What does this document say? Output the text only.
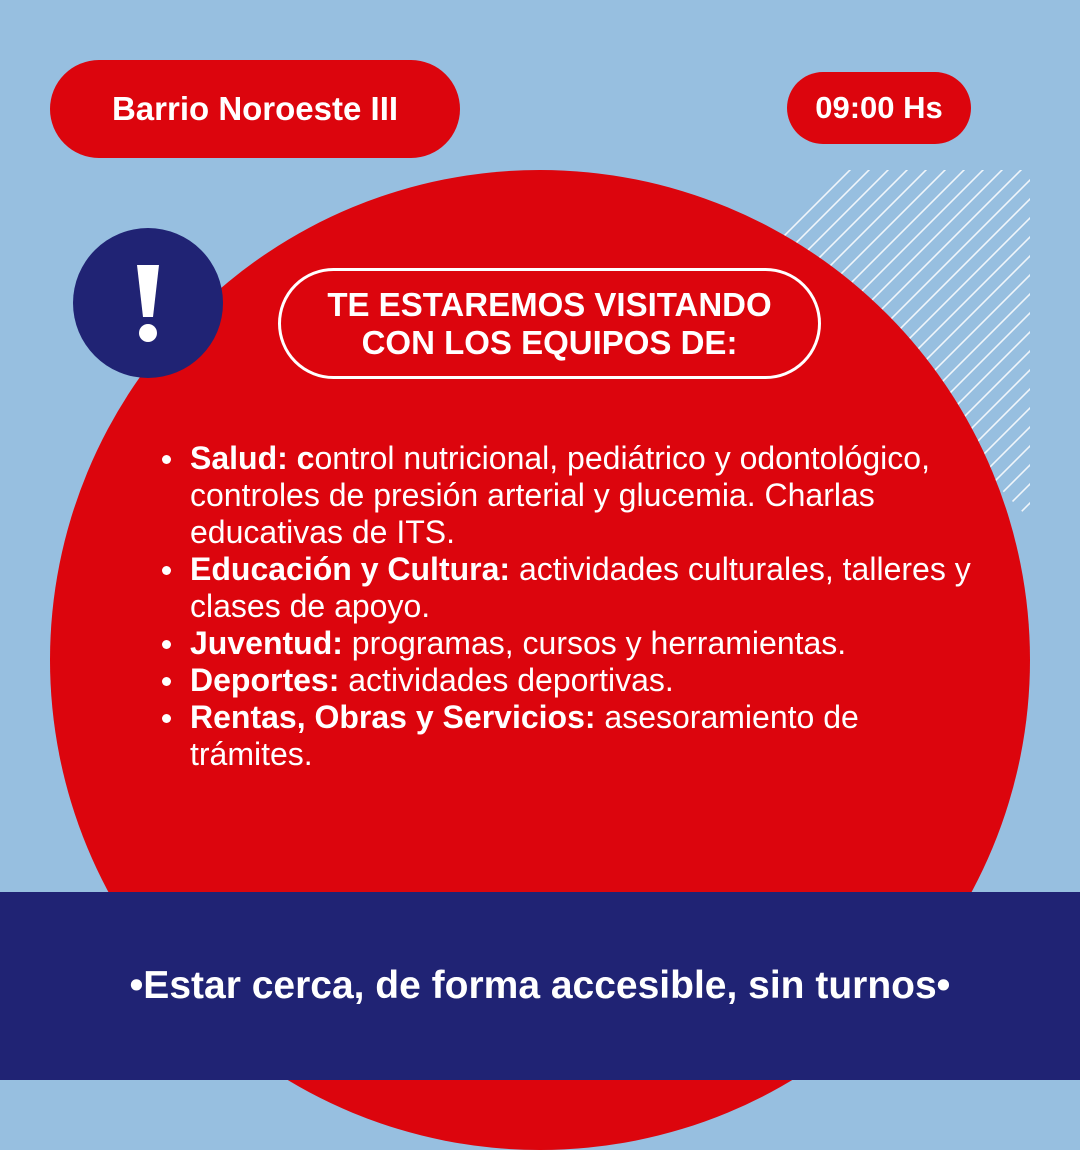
Barrio Noroeste III	09:00 Hs
TE ESTAREMOS VISITANDO
CON LOS EQUIPOS DE:
Salud: control nutricional, pediátrico y odontológico, controles de presión arterial y glucemia. Charlas educativas de ITS.
Educación y Cultura: actividades culturales, talleres y clases de apoyo.
Juventud: programas, cursos y herramientas.
Deportes: actividades deportivas.
Rentas, Obras y Servicios: asesoramiento de trámites.
•Estar cerca, de forma accesible, sin turnos•
